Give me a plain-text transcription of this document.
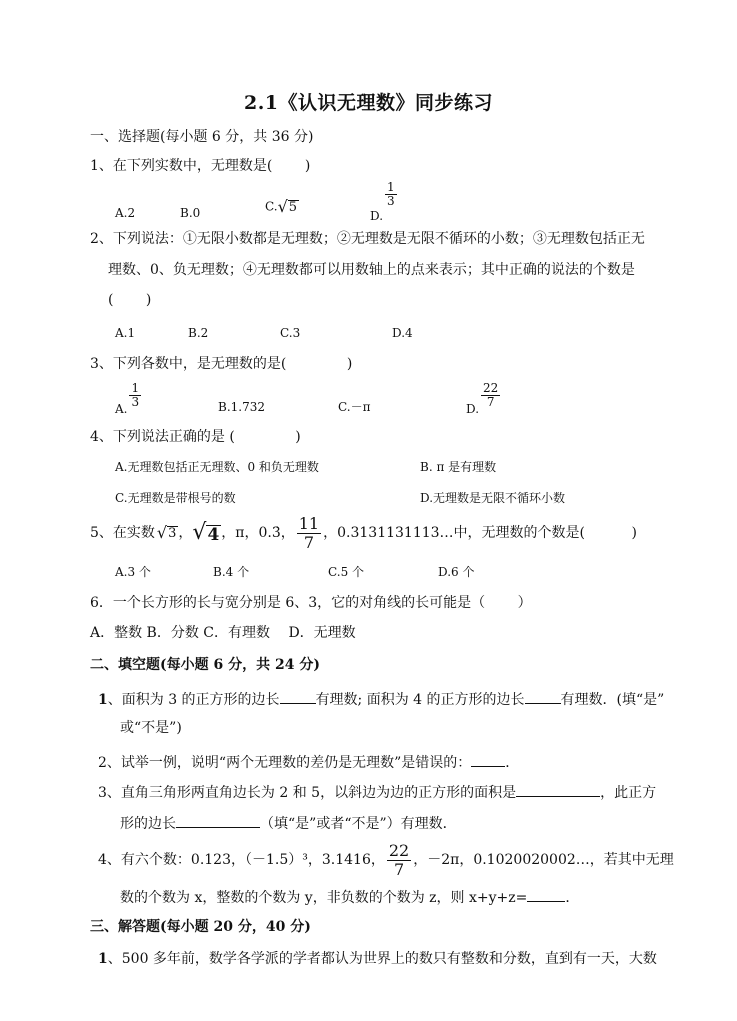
2.1《认识无理数》同步练习
一、选择题(每小题 6 分，共 36 分)
1、在下列实数中，无理数是(　　 )
A.2	B.0	C. √ 5
D.
$\frac{1}{3}$
2、下列说法：①无限小数都是无理数；②无理数是无限不循环的小数；③无理数包括正无
理数、0、负无理数；④无理数都可以用数轴上的点来表示；其中正确的说法的个数是
(　　 )
A.1	B.2	C.3	D.4
3、下列各数中，是无理数的是(　　　　 )
A. $\frac{1}{3}$	B.1.732	C.－π	D. $\frac{22}{7}$
4、下列说法正确的是 (　　　　 )
A.无理数包括正无理数、0 和负无理数	B. π 是有理数
C.无理数是带根号的数	D.无理数是无限不循环小数
5、在实数 √ 3 ， √ 4 ，π， 0.3̇ ， $\frac{11}{7}$ ，0.3131131113…中，无理数的个数是(　　　 )
A.3 个	B.4 个	C.5 个	D.6 个
6．一个长方形的长与宽分别是 6、3，它的对角线的长可能是（　　 ）
A．整数 B．分数 C．有理数　 D．无理数
二、填空题(每小题 6 分，共 24 分)
1、面积为 3 的正方形的边长	有理数; 面积为 4 的正方形的边长	有理数．(填“是”
或“不是”)
2、试举一例，说明“两个无理数的差仍是无理数”是错误的： ．
3、直角三角形两直角边长为 2 和 5，以斜边为边的正方形的面积是	，此正方
形的边长	（填“是”或者“不是”）有理数．
4、有六个数：0.123，（－1.5）³，3.1416， $\frac{22}{7}$ ，－2π，0.1020020002…，若其中无理
数的个数为 x，整数的个数为 y，非负数的个数为 z，则 x+y+z=	．
三、解答题(每小题 20 分，40 分)
1、500 多年前，数学各学派的学者都认为世界上的数只有整数和分数，直到有一天，大数
